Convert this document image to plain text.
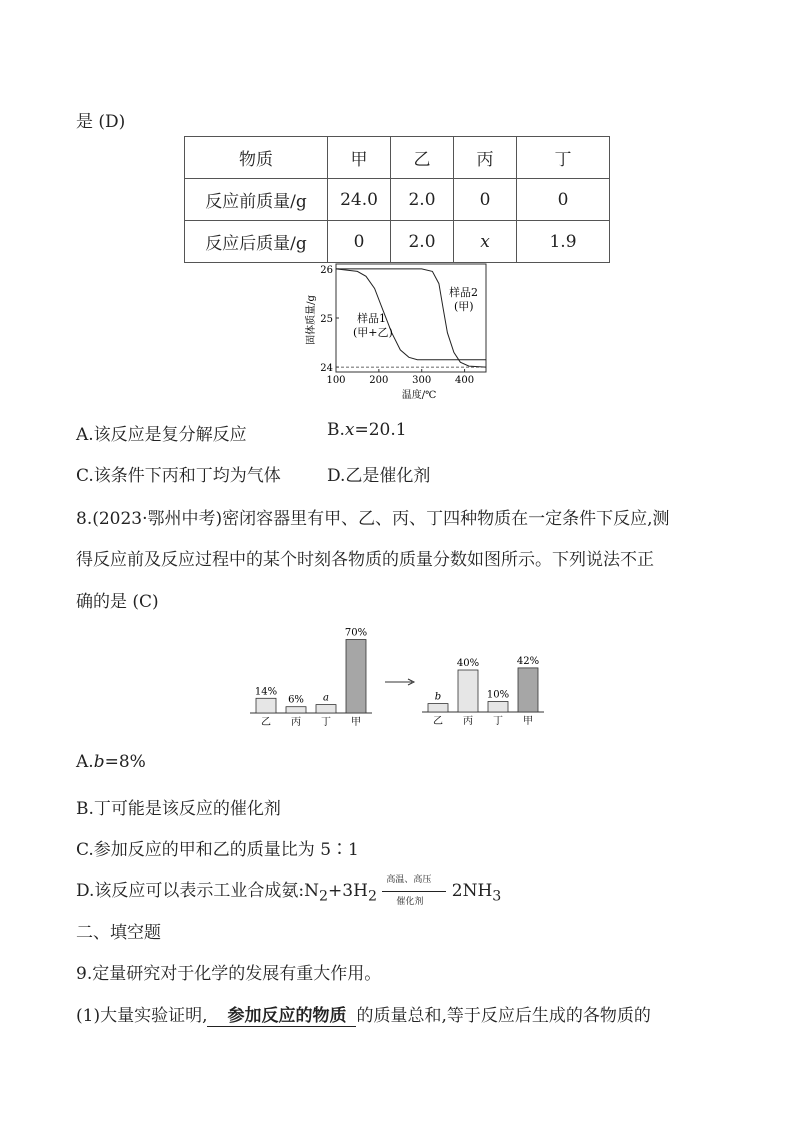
是 (D)
物质	甲	乙	丙	丁
反应前质量/g	24.0	2.0	0	0
反应后质量/g	0	2.0	x	1.9
100 200 300 400
24
25
26
样品1
(甲+乙)
样品2
(甲)
温度/℃
固体质量/g
A.该反应是复分解反应	B.x=20.1
C.该条件下丙和丁均为气体	D.乙是催化剂
8.(2023·鄂州中考)密闭容器里有甲、乙、丙、丁四种物质在一定条件下反应,测
得反应前及反应过程中的某个时刻各物质的质量分数如图所示。下列说法不正
确的是 (C)
14%
乙
6%
丙
a
丁
70%
甲
b
乙
40%
丙
10%
丁
42%
甲
A.b=8%
B.丁可能是该反应的催化剂
C.参加反应的甲和乙的质量比为 5∶1
D.该反应可以表示工业合成氨$:N_2+3H_2$
高温、高压
催化剂
$2NH_3$
二、填空题
9.定量研究对于化学的发展有重大作用。
(1)大量实验证明, 参加反应的物质 的质量总和,等于反应后生成的各物质的
